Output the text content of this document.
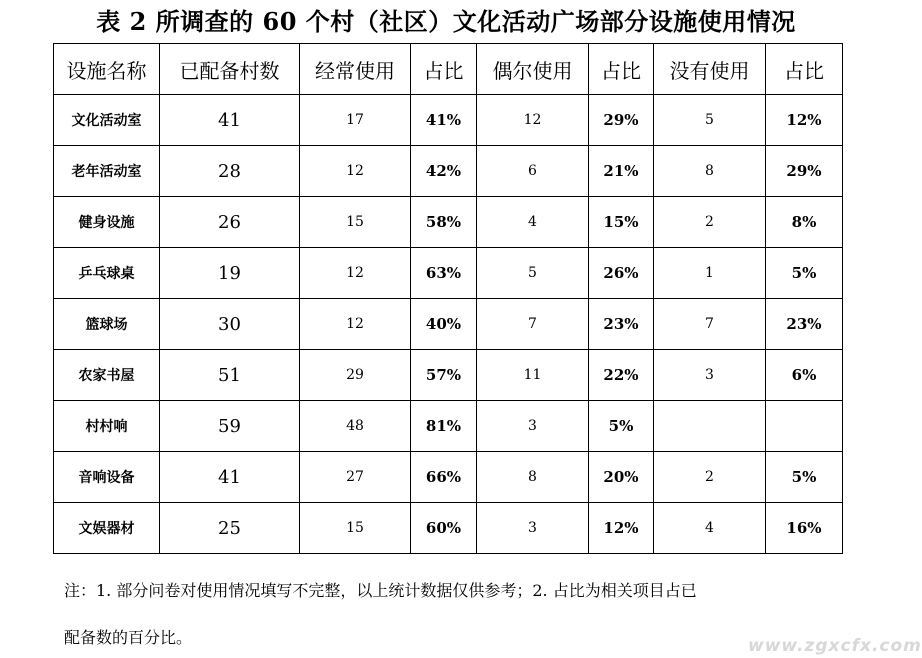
表 2 所调查的 60 个村（社区）文化活动广场部分设施使用情况
设施名称	已配备村数	经常使用	占比	偶尔使用	占比	没有使用	占比
文化活动室	41	17	41%	12	29%	5	12%
老年活动室	28	12	42%	6	21%	8	29%
健身设施	26	15	58%	4	15%	2	8%
乒乓球桌	19	12	63%	5	26%	1	5%
篮球场	30	12	40%	7	23%	7	23%
农家书屋	51	29	57%	11	22%	3	6%
村村响	59	48	81%	3	5%		
音响设备	41	27	66%	8	20%	2	5%
文娱器材	25	15	60%	3	12%	4	16%
注：1. 部分问卷对使用情况填写不完整，以上统计数据仅供参考；2. 占比为相关项目占已
配备数的百分比。	www.zgxcfx.com
